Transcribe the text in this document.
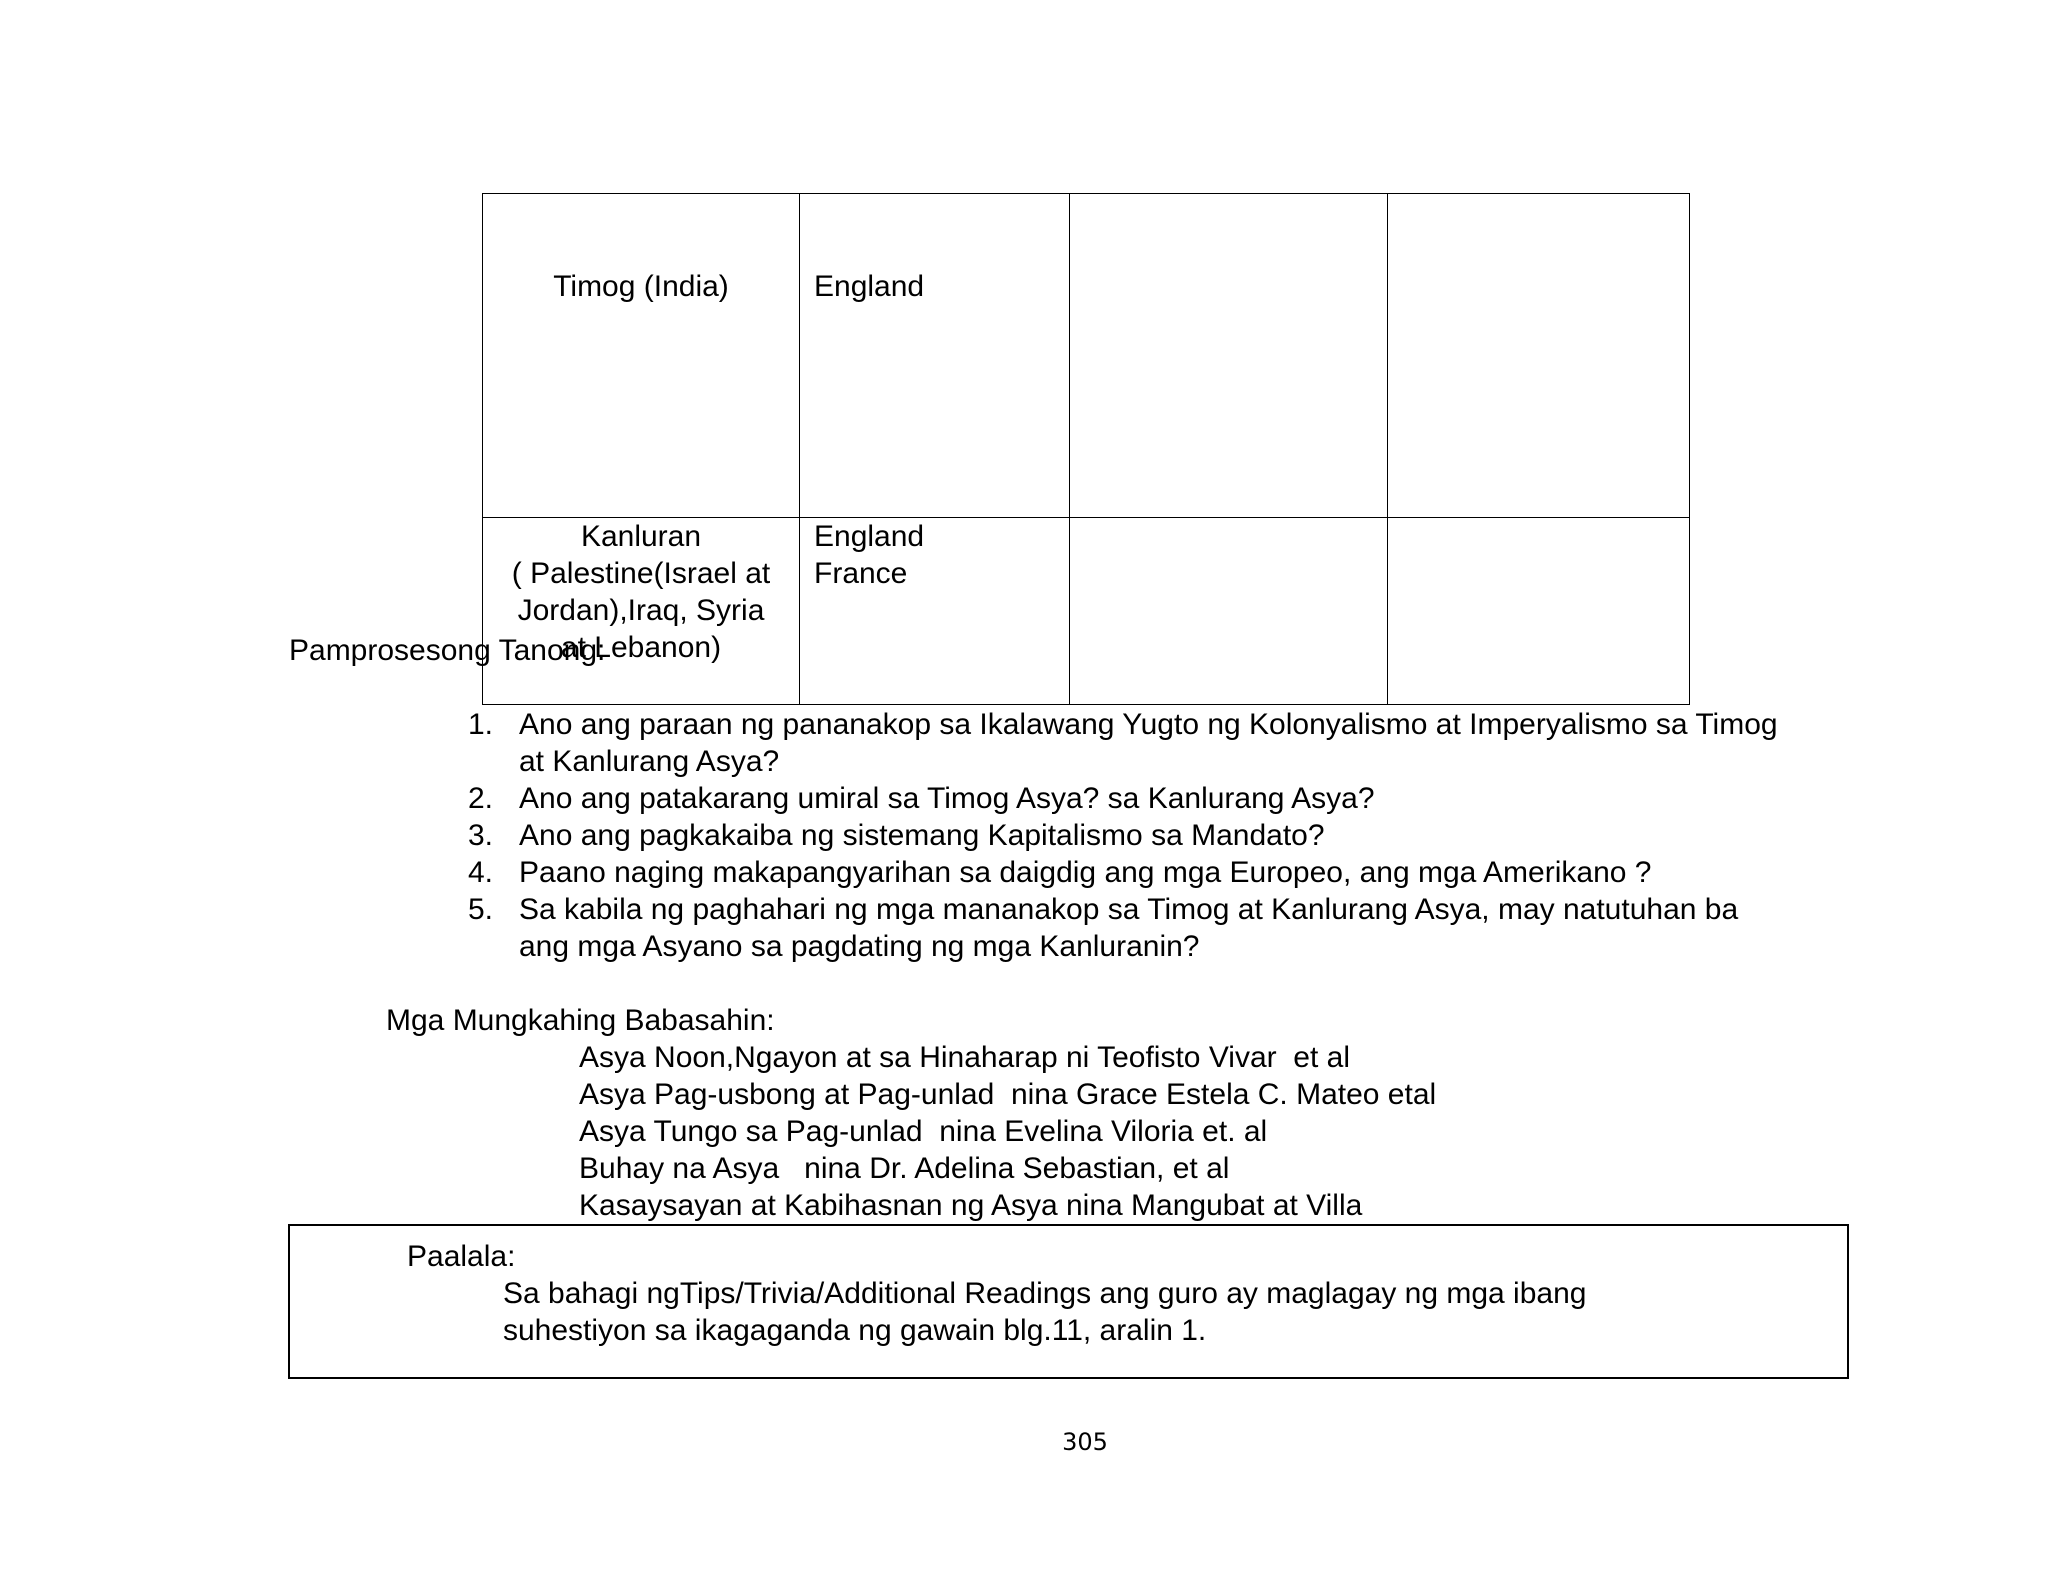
Timog (India)	England		

Kanluran
( Palestine(Israel at
Jordan),Iraq, Syria
at Lebanon)	England
France		

Pamprosesong Tanong:
1. Ano ang paraan ng pananakop sa Ikalawang Yugto ng Kolonyalismo at Imperyalismo sa Timog
at Kanlurang Asya?
2. Ano ang patakarang umiral sa Timog Asya? sa Kanlurang Asya?
3. Ano ang pagkakaiba ng sistemang Kapitalismo sa Mandato?
4. Paano naging makapangyarihan sa daigdig ang mga Europeo, ang mga Amerikano ?
5. Sa kabila ng paghahari ng mga mananakop sa Timog at Kanlurang Asya, may natutuhan ba
ang mga Asyano sa pagdating ng mga Kanluranin?
Mga Mungkahing Babasahin:
Asya Noon,Ngayon at sa Hinaharap ni Teofisto Vivar  et al
Asya Pag-usbong at Pag-unlad  nina Grace Estela C. Mateo etal
Asya Tungo sa Pag-unlad  nina Evelina Viloria et. al
Buhay na Asya   nina Dr. Adelina Sebastian, et al
Kasaysayan at Kabihasnan ng Asya nina Mangubat at Villa
Paalala:
Sa bahagi ngTips/Trivia/Additional Readings ang guro ay maglagay ng mga ibang
suhestiyon sa ikagaganda ng gawain blg.11, aralin 1.
305
